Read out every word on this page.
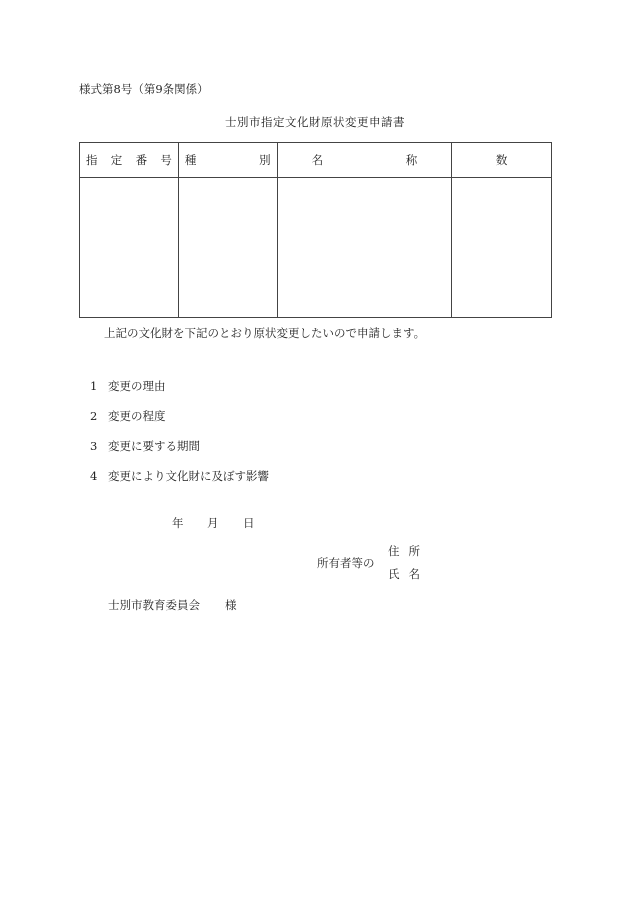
様式第8号（第9条関係）
士別市指定文化財原状変更申請書
指 定 番 号	種 別	名 称	数

上記の文化財を下記のとおり原状変更したいので申請します。
1 変更の理由
2 変更の程度
3 変更に要する期間
4 変更により文化財に及ぼす影響
年 月 日
所有者等の
住所
氏名
士別市教育委員会 様
